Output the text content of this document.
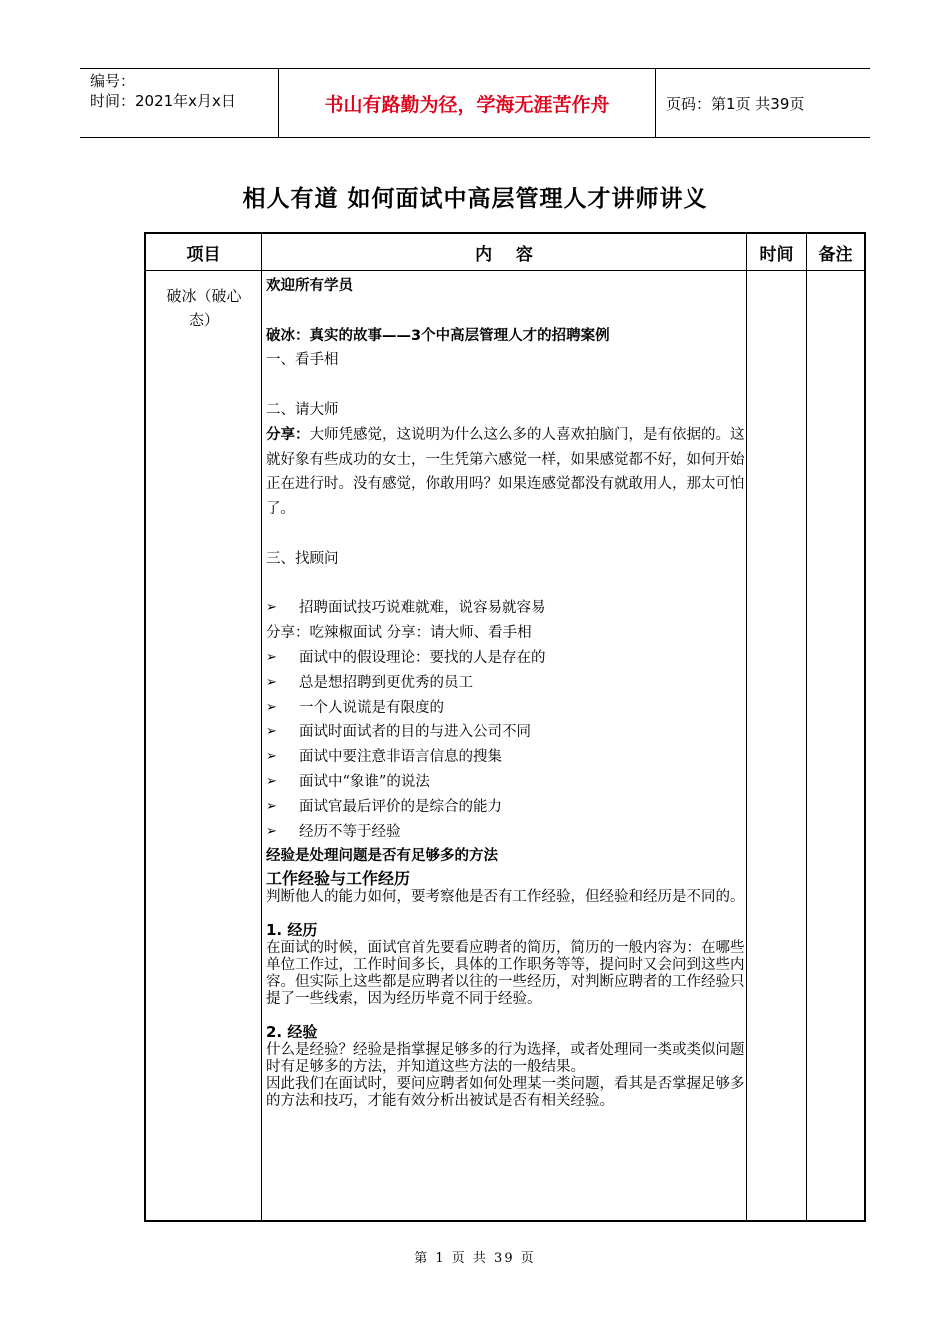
编号：
时间：2021年x月x日	书山有路勤为径，学海无涯苦作舟	页码：第1页 共39页
相人有道 如何面试中高层管理人才讲师讲义
项目	内    容	时间	备注
破冰（破心态）

欢迎所有学员

破冰：真实的故事——3个中高层管理人才的招聘案例

一、看手相

二、请大师

分享：大师凭感觉，这说明为什么这么多的人喜欢拍脑门，是有依据的。这就好象有些成功的女士，一生凭第六感觉一样，如果感觉都不好，如何开始正在进行时。没有感觉，你敢用吗？如果连感觉都没有就敢用人，那太可怕了。

三、找顾问

➢	招聘面试技巧说难就难，说容易就容易

分享：吃辣椒面试 分享：请大师、看手相

➢	面试中的假设理论：要找的人是存在的
➢	总是想招聘到更优秀的员工
➢	一个人说谎是有限度的
➢	面试时面试者的目的与进入公司不同
➢	面试中要注意非语言信息的搜集
➢	面试中“象谁”的说法
➢	面试官最后评价的是综合的能力
➢	经历不等于经验

经验是处理问题是否有足够多的方法

工作经验与工作经历

判断他人的能力如何，要考察他是否有工作经验，但经验和经历是不同的。

1. 经历

在面试的时候，面试官首先要看应聘者的简历，简历的一般内容为：在哪些单位工作过，工作时间多长，具体的工作职务等等，提问时又会问到这些内容。但实际上这些都是应聘者以往的一些经历，对判断应聘者的工作经验只提了一些线索，因为经历毕竟不同于经验。

2. 经验

什么是经验？经验是指掌握足够多的行为选择，或者处理同一类或类似问题时有足够多的方法，并知道这些方法的一般结果。

因此我们在面试时，要问应聘者如何处理某一类问题，看其是否掌握足够多的方法和技巧，才能有效分析出被试是否有相关经验。

第 1 页 共 39 页
